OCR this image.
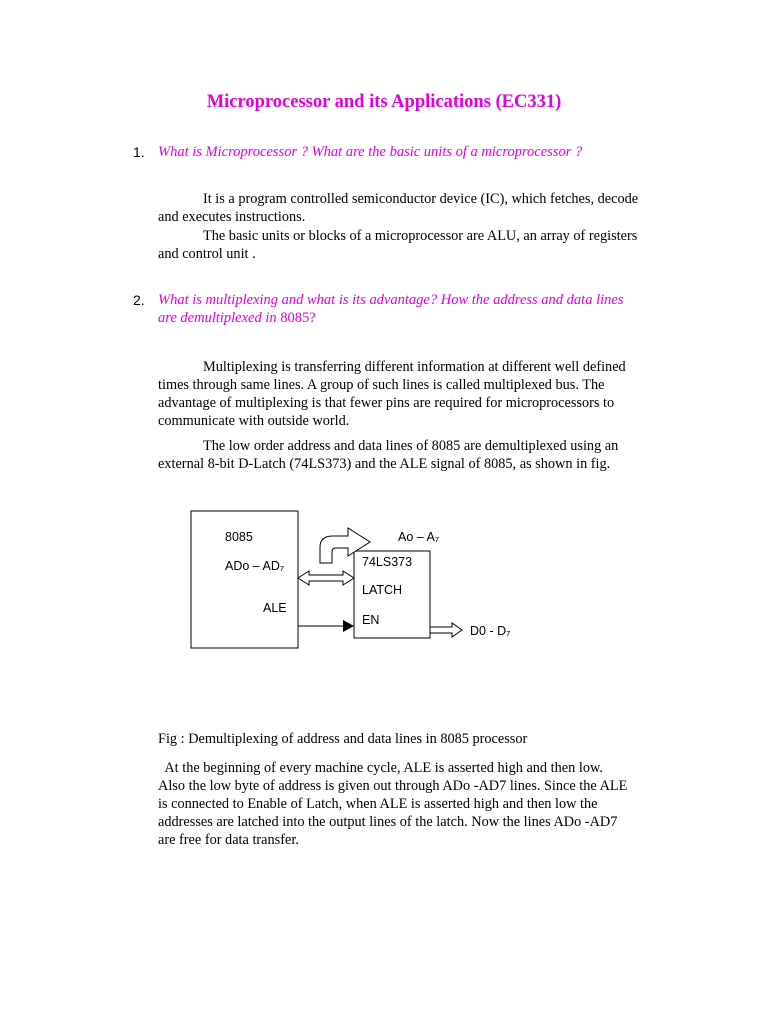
Microprocessor and its Applications (EC331)
1. What is Microprocessor ? What are the basic units of a microprocessor ?
It is a program controlled semiconductor device (IC), which fetches, decode
and executes instructions.
The basic units or blocks of a microprocessor are ALU, an array of registers
and control unit .
2. What is multiplexing and what is its advantage? How the address and data lines
are demultiplexed in 8085?
Multiplexing is transferring different information at different well defined
times through same lines. A group of such lines is called multiplexed bus. The
advantage of multiplexing is that fewer pins are required for microprocessors to
communicate with outside world.
The low order address and data lines of 8085 are demultiplexed using an
external 8-bit D-Latch (74LS373) and the ALE signal of 8085, as shown in fig.
8085
ADo – AD₇
ALE
74LS373
LATCH
EN
Ao – A₇
D0 - D₇
Fig : Demultiplexing of address and data lines in 8085 processor
At the beginning of every machine cycle, ALE is asserted high and then low.
Also the low byte of address is given out through ADo -AD7 lines. Since the ALE
is connected to Enable of Latch, when ALE is asserted high and then low the
addresses are latched into the output lines of the latch. Now the lines ADo -AD7
are free for data transfer.
